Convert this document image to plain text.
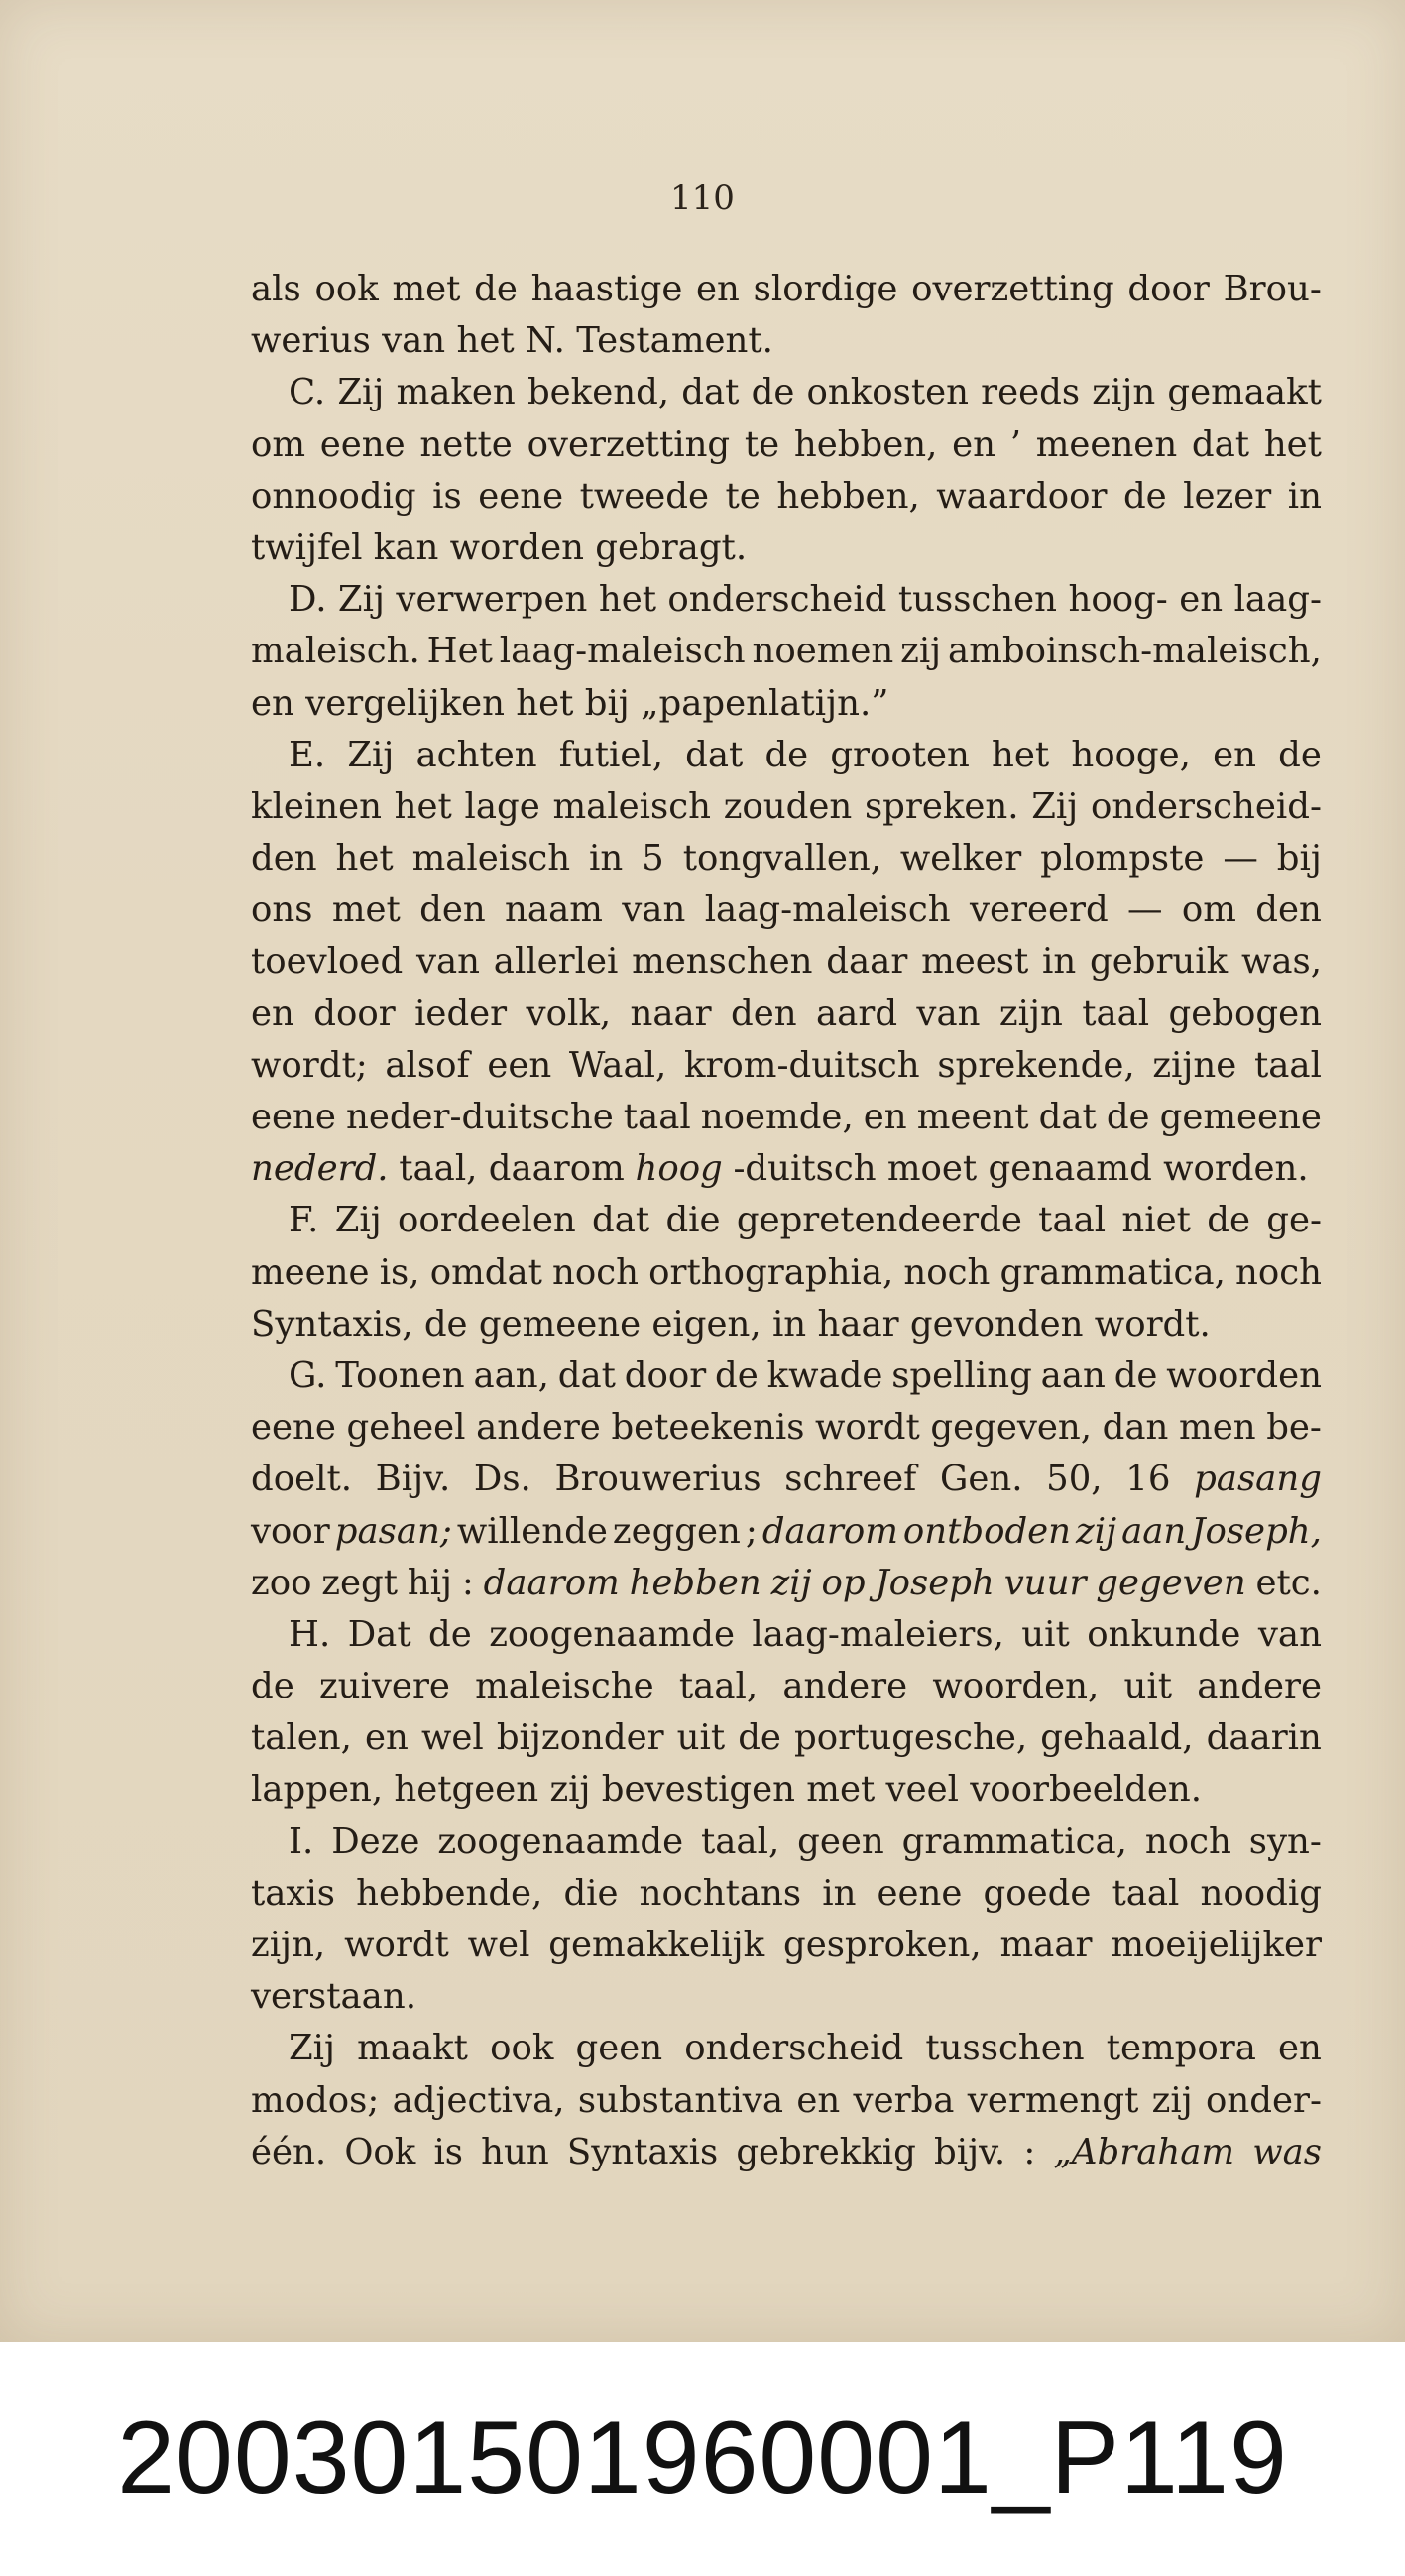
110
als ook met de haastige en slordige overzetting door Brou-
werius van het N. Testament.
C. Zij maken bekend, dat de onkosten reeds zijn gemaakt
om eene nette overzetting te hebben, en ’ meenen dat het
onnoodig is eene tweede te hebben, waardoor de lezer in
twijfel kan worden gebragt.
D. Zij verwerpen het onderscheid tusschen hoog- en laag-
maleisch. Het laag-maleisch noemen zij amboinsch-maleisch,
en vergelijken het bij „papenlatijn.”
E. Zij achten futiel, dat de grooten het hooge, en de
kleinen het lage maleisch zouden spreken. Zij onderscheid-
den het maleisch in 5 tongvallen, welker plompste — bij
ons met den naam van laag-maleisch vereerd — om den
toevloed van allerlei menschen daar meest in gebruik was,
en door ieder volk, naar den aard van zijn taal gebogen
wordt; alsof een Waal, krom-duitsch sprekende, zijne taal
eene neder-duitsche taal noemde, en meent dat de gemeene
nederd. taal, daarom hoog -duitsch moet genaamd worden.
F. Zij oordeelen dat die gepretendeerde taal niet de ge-
meene is, omdat noch orthographia, noch grammatica, noch
Syntaxis, de gemeene eigen, in haar gevonden wordt.
G. Toonen aan, dat door de kwade spelling aan de woorden
eene geheel andere beteekenis wordt gegeven, dan men be-
doelt. Bijv. Ds. Brouwerius schreef Gen. 50, 16 pasang
voor pasan; willende zeggen ; daarom ontboden zij aan Joseph,
zoo zegt hij : daarom hebben zij op Joseph vuur gegeven etc.
H. Dat de zoogenaamde laag-maleiers, uit onkunde van
de zuivere maleische taal, andere woorden, uit andere
talen, en wel bijzonder uit de portugesche, gehaald, daarin
lappen, hetgeen zij bevestigen met veel voorbeelden.
I. Deze zoogenaamde taal, geen grammatica, noch syn-
taxis hebbende, die nochtans in eene goede taal noodig
zijn, wordt wel gemakkelijk gesproken, maar moeijelijker
verstaan.
Zij maakt ook geen onderscheid tusschen tempora en
modos; adjectiva, substantiva en verba vermengt zij onder-
één. Ook is hun Syntaxis gebrekkig bijv. : „Abraham was
200301501960001_P119
